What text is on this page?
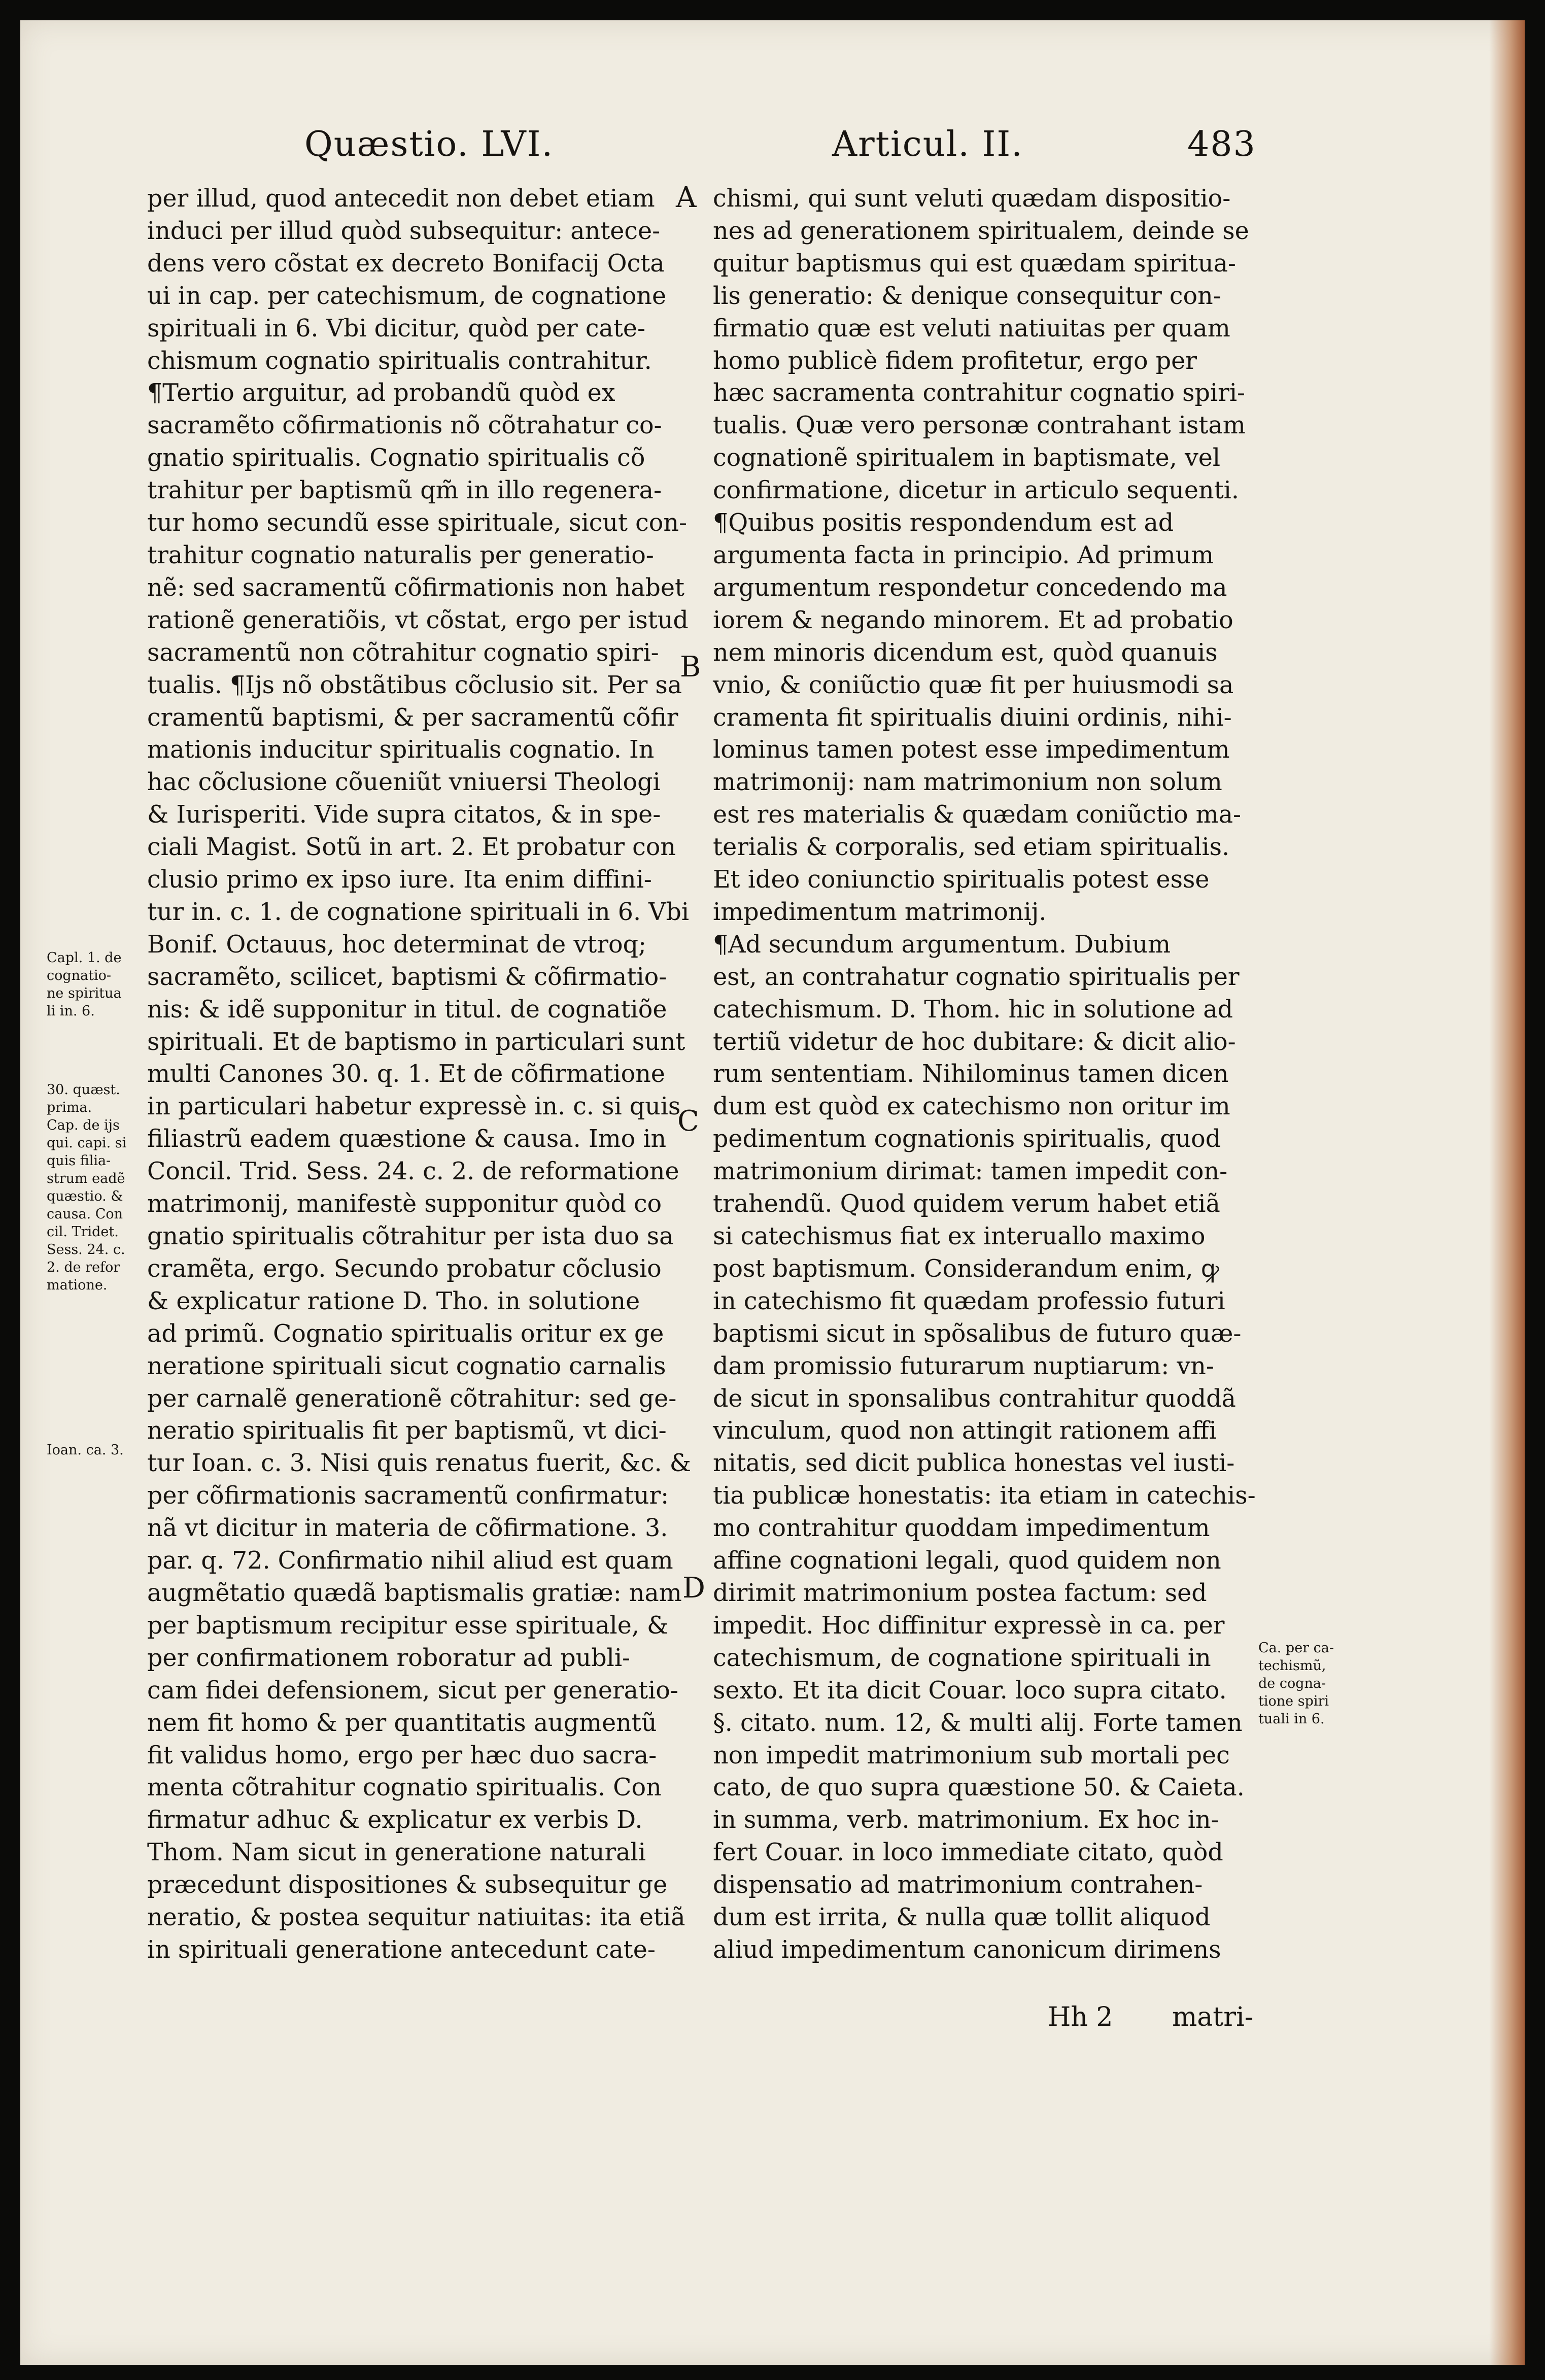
Quæstio. LVI.	Articul. II.	483
per illud, quod antecedit non debet etiam
induci per illud quòd subsequitur: antece-
dens vero cõstat ex decreto Bonifacij Octa
ui in cap. per catechismum, de cognatione
spirituali in 6. Vbi dicitur, quòd per cate-
chismum cognatio spiritualis contrahitur.
¶Tertio arguitur, ad probandũ quòd ex
sacramẽto cõfirmationis nõ cõtrahatur co-
gnatio spiritualis. Cognatio spiritualis cõ
trahitur per baptismũ qm̃ in illo regenera-
tur homo secundũ esse spirituale, sicut con-
trahitur cognatio naturalis per generatio-
nẽ: sed sacramentũ cõfirmationis non habet
rationẽ generatiõis, vt cõstat, ergo per istud
sacramentũ non cõtrahitur cognatio spiri-
tualis. ¶Ijs nõ obstãtibus cõclusio sit. Per sa
cramentũ baptismi, & per sacramentũ cõfir
mationis inducitur spiritualis cognatio. In
hac cõclusione cõueniũt vniuersi Theologi
& Iurisperiti. Vide supra citatos, & in spe-
ciali Magist. Sotũ in art. 2. Et probatur con
clusio primo ex ipso iure. Ita enim diffini-
tur in. c. 1. de cognatione spirituali in 6. Vbi
Bonif. Octauus, hoc determinat de vtroq;
sacramẽto, scilicet, baptismi & cõfirmatio-
nis: & idẽ supponitur in titul. de cognatiõe
spirituali. Et de baptismo in particulari sunt
multi Canones 30. q. 1. Et de cõfirmatione
in particulari habetur expressè in. c. si quis
filiastrũ eadem quæstione & causa. Imo in
Concil. Trid. Sess. 24. c. 2. de reformatione
matrimonij, manifestè supponitur quòd co
gnatio spiritualis cõtrahitur per ista duo sa
cramẽta, ergo. Secundo probatur cõclusio
& explicatur ratione D. Tho. in solutione
ad primũ. Cognatio spiritualis oritur ex ge
neratione spirituali sicut cognatio carnalis
per carnalẽ generationẽ cõtrahitur: sed ge-
neratio spiritualis fit per baptismũ, vt dici-
tur Ioan. c. 3. Nisi quis renatus fuerit, &c. &
per cõfirmationis sacramentũ confirmatur:
nã vt dicitur in materia de cõfirmatione. 3.
par. q. 72. Confirmatio nihil aliud est quam
augmẽtatio quædã baptismalis gratiæ: nam
per baptismum recipitur esse spirituale, &
per confirmationem roboratur ad publi-
cam fidei defensionem, sicut per generatio-
nem fit homo & per quantitatis augmentũ
fit validus homo, ergo per hæc duo sacra-
menta cõtrahitur cognatio spiritualis. Con
firmatur adhuc & explicatur ex verbis D.
Thom. Nam sicut in generatione naturali
præcedunt dispositiones & subsequitur ge
neratio, & postea sequitur natiuitas: ita etiã
in spirituali generatione antecedunt cate-
chismi, qui sunt veluti quædam dispositio-
nes ad generationem spiritualem, deinde se
quitur baptismus qui est quædam spiritua-
lis generatio: & denique consequitur con-
firmatio quæ est veluti natiuitas per quam
homo publicè fidem profitetur, ergo per
hæc sacramenta contrahitur cognatio spiri-
tualis. Quæ vero personæ contrahant istam
cognationẽ spiritualem in baptismate, vel
confirmatione, dicetur in articulo sequenti.
¶Quibus positis respondendum est ad
argumenta facta in principio. Ad primum
argumentum respondetur concedendo ma
iorem & negando minorem. Et ad probatio
nem minoris dicendum est, quòd quanuis
vnio, & coniũctio quæ fit per huiusmodi sa
cramenta fit spiritualis diuini ordinis, nihi-
lominus tamen potest esse impedimentum
matrimonij: nam matrimonium non solum
est res materialis & quædam coniũctio ma-
terialis & corporalis, sed etiam spiritualis.
Et ideo coniunctio spiritualis potest esse
impedimentum matrimonij.
¶Ad secundum argumentum. Dubium
est, an contrahatur cognatio spiritualis per
catechismum. D. Thom. hic in solutione ad
tertiũ videtur de hoc dubitare: & dicit alio-
rum sententiam. Nihilominus tamen dicen
dum est quòd ex catechismo non oritur im
pedimentum cognationis spiritualis, quod
matrimonium dirimat: tamen impedit con-
trahendũ. Quod quidem verum habet etiã
si catechismus fiat ex interuallo maximo
post baptismum. Considerandum enim, ꝙ
in catechismo fit quædam professio futuri
baptismi sicut in spõsalibus de futuro quæ-
dam promissio futurarum nuptiarum: vn-
de sicut in sponsalibus contrahitur quoddã
vinculum, quod non attingit rationem affi
nitatis, sed dicit publica honestas vel iusti-
tia publicæ honestatis: ita etiam in catechis-
mo contrahitur quoddam impedimentum
affine cognationi legali, quod quidem non
dirimit matrimonium postea factum: sed
impedit. Hoc diffinitur expressè in ca. per
catechismum, de cognatione spirituali in
sexto. Et ita dicit Couar. loco supra citato.
§. citato. num. 12, & multi alij. Forte tamen
non impedit matrimonium sub mortali pec
cato, de quo supra quæstione 50. & Caieta.
in summa, verb. matrimonium. Ex hoc in-
fert Couar. in loco immediate citato, quòd
dispensatio ad matrimonium contrahen-
dum est irrita, & nulla quæ tollit aliquod
aliud impedimentum canonicum dirimens
A
B
C
D
Capl. 1. de
cognatio-
ne spiritua
li in. 6.
30. quæst.
prima.
Cap. de ijs
qui. capi. si
quis filia-
strum eadẽ
quæstio. &
causa. Con
cil. Tridet.
Sess. 24. c.
2. de refor
matione.
Ioan. ca. 3.
Ca. per ca-
techismũ,
de cogna-
tione spiri
tuali in 6.
Hh 2 matri-
